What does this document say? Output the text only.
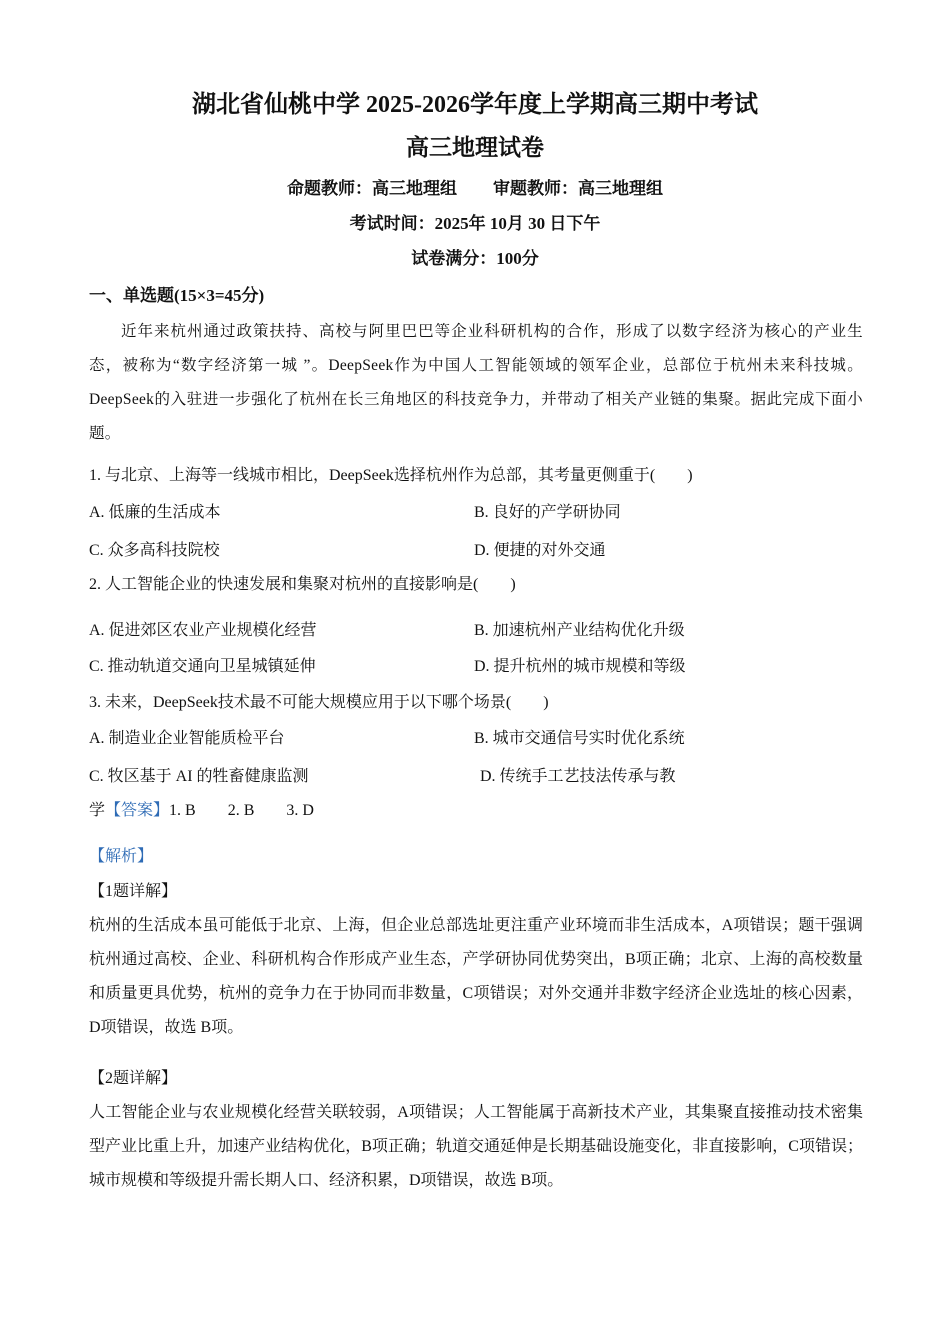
湖北省仙桃中学 2025-2026学年度上学期高三期中考试
高三地理试卷
命题教师：高三地理组 审题教师：高三地理组
考试时间：2025年 10月 30 日下午
试卷满分：100分
一、单选题(15×3=45分)
近年来杭州通过政策扶持、高校与阿里巴巴等企业科研机构的合作，形成了以数字经济为核心的产业生态，被称为“数字经济第一城 ”。DeepSeek作为中国人工智能领域的领军企业，总部位于杭州未来科技城。DeepSeek的入驻进一步强化了杭州在长三角地区的科技竞争力，并带动了相关产业链的集聚。据此完成下面小题。
1. 与北京、上海等一线城市相比，DeepSeek选择杭州作为总部，其考量更侧重于(　　)
A. 低廉的生活成本	B. 良好的产学研协同
C. 众多高科技院校	D. 便捷的对外交通
2. 人工智能企业的快速发展和集聚对杭州的直接影响是(　　)
A. 促进郊区农业产业规模化经营	B. 加速杭州产业结构优化升级
C. 推动轨道交通向卫星城镇延伸	D. 提升杭州的城市规模和等级
3. 未来，DeepSeek技术最不可能大规模应用于以下哪个场景(　　)
A. 制造业企业智能质检平台	B. 城市交通信号实时优化系统
C. 牧区基于 AI 的牲畜健康监测	D. 传统手工艺技法传承与教
学【答案】1. B　　2. B　　3. D
【解析】
【1题详解】
杭州的生活成本虽可能低于北京、上海，但企业总部选址更注重产业环境而非生活成本，A项错误；题干强调杭州通过高校、企业、科研机构合作形成产业生态，产学研协同优势突出，B项正确；北京、上海的高校数量和质量更具优势，杭州的竞争力在于协同而非数量，C项错误；对外交通并非数字经济企业选址的核心因素，D项错误，故选 B项。
【2题详解】
人工智能企业与农业规模化经营关联较弱，A项错误；人工智能属于高新技术产业，其集聚直接推动技术密集型产业比重上升，加速产业结构优化，B项正确；轨道交通延伸是长期基础设施变化，非直接影响，C项错误；城市规模和等级提升需长期人口、经济积累，D项错误，故选 B项。
